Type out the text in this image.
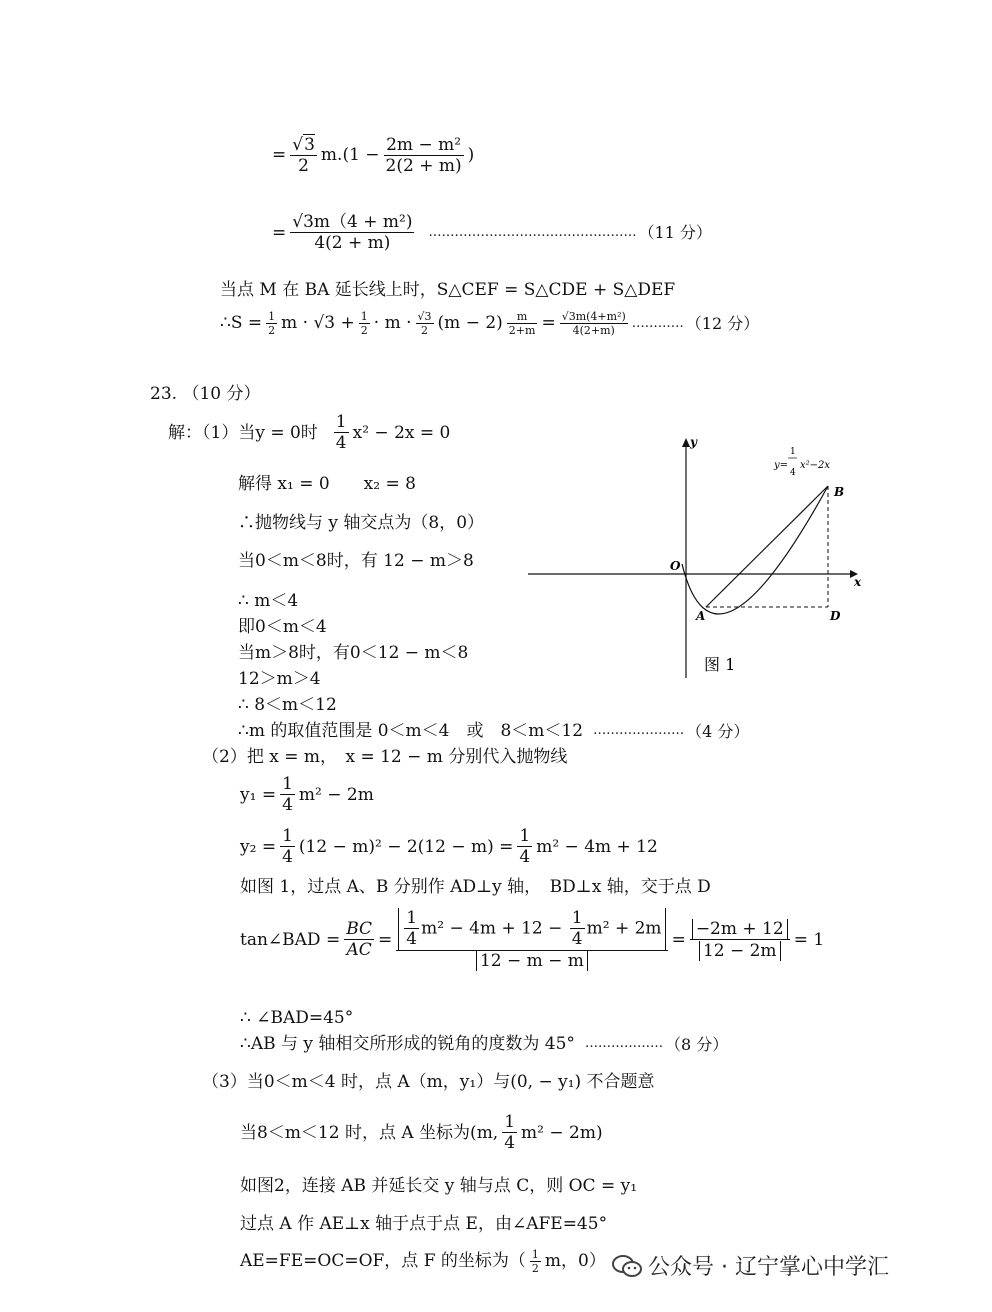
= $\frac{√3}{2} m.(1 - \frac{\text{2m − m²}}{2(2 + m)}$ )
= $\frac{\text{√3m（4 + m²)}}{4(2 + m)}$ ………………………………………… （11 分）
当点 M 在 BA 延长线上时，S△CEF = S△CDE + S△DEF
∴S = $\frac{1}{2}$ $m \cdot √3 + \frac{1}{2} \cdot m \cdot \frac{√3}{2} (m - 2) \frac{m}{2+m} = \frac{\text{√3m(4+m²)}}{4(2+m)}$ ………… （12 分）
23. （10 分）
解：（1）当y = 0时 $\frac{1}{4} x^2 - 2x = 0$
解得 x₁ = 0　　x₂ = 8
∴抛物线与 y 轴交点为（8，0）
当0＜m＜8时，有 12 − m＞8
∴ m＜4
即0＜m＜4
当m＞8时，有0＜12 − m＜8
12＞m＞4
∴ 8＜m＜12
∴m 的取值范围是 0＜m＜4　或　8＜m＜12 ………………… （4 分）
（2）把 x = m，　x = 12 − m 分别代入抛物线
$y_1 = \frac{1}{4} m^2 - 2m$
$y_2 = \frac{1}{4} (12 - m)^2 - 2(12 - m) = \frac{1}{4} m^2 - 4m + 12$
如图 1，过点 A、B 分别作 AD⊥y 轴，　BD⊥x 轴，交于点 D
tan∠BAD = $\frac{BC}{AC} = \frac{\frac{1}{4} m^2 - 4m + 12 - \frac{1}{4} m^2 + 2m}{12 - m - m} = \frac{-2m + 12}{12 - 2m} = 1$
∴ ∠BAD=45°
∴AB 与 y 轴相交所形成的锐角的度数为 45° ……………… （8 分）
（3）当0＜m＜4 时，点 A（m，y₁）与(0, − y₁) 不合题意
当8＜m＜12 时，点 A 坐标为(m, $\frac{1}{4} m^2 - 2m$)
如图2，连接 AB 并延长交 y 轴与点 C，则 OC = y₁
过点 A 作 AE⊥x 轴于点于点 E，由∠AFE=45°
AE=FE=OC=OF，点 F 的坐标为（ $\frac{1}{2}$ m，0）
y
x
O
A
B
D
y=
1
4
x²−2x
图 1
公众号 · 辽宁掌心中学汇
